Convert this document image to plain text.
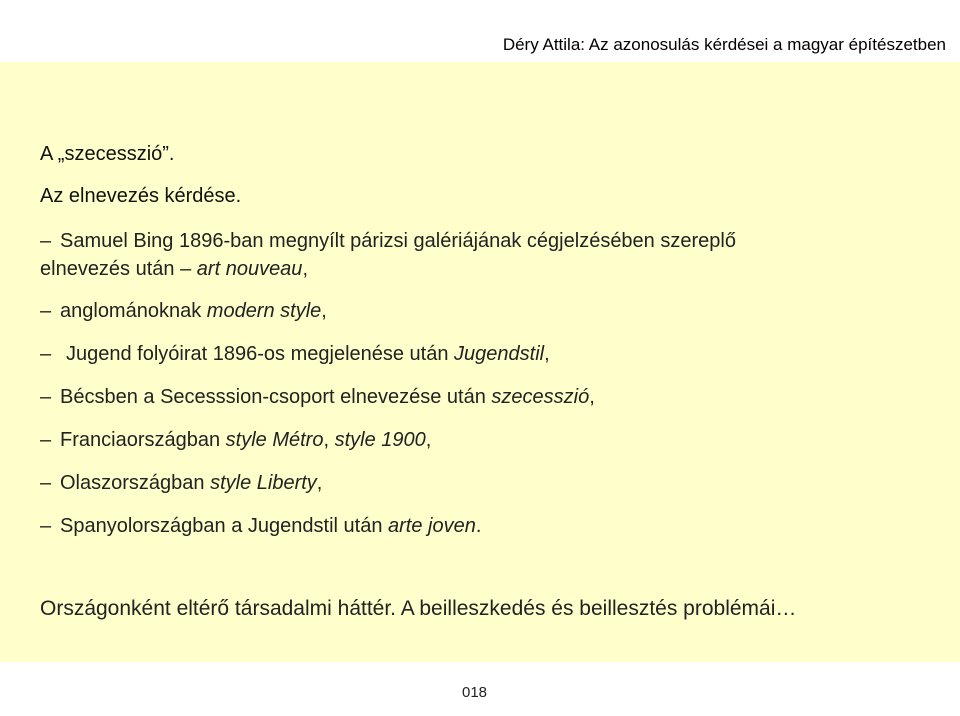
Déry Attila: Az azonosulás kérdései a magyar építészetben
A „szecesszió”.
Az elnevezés kérdése.
– Samuel Bing 1896-ban megnyílt párizsi galériájának cégjelzésében szereplő
elnevezés után – art nouveau,
– anglománoknak modern style,
– Jugend folyóirat 1896-os megjelenése után Jugendstil,
– Bécsben a Secesssion-csoport elnevezése után szecesszió,
– Franciaországban style Métro, style 1900,
– Olaszországban style Liberty,
– Spanyolországban a Jugendstil után arte joven.
Országonként eltérő társadalmi háttér. A beilleszkedés és beillesztés problémái…
018
